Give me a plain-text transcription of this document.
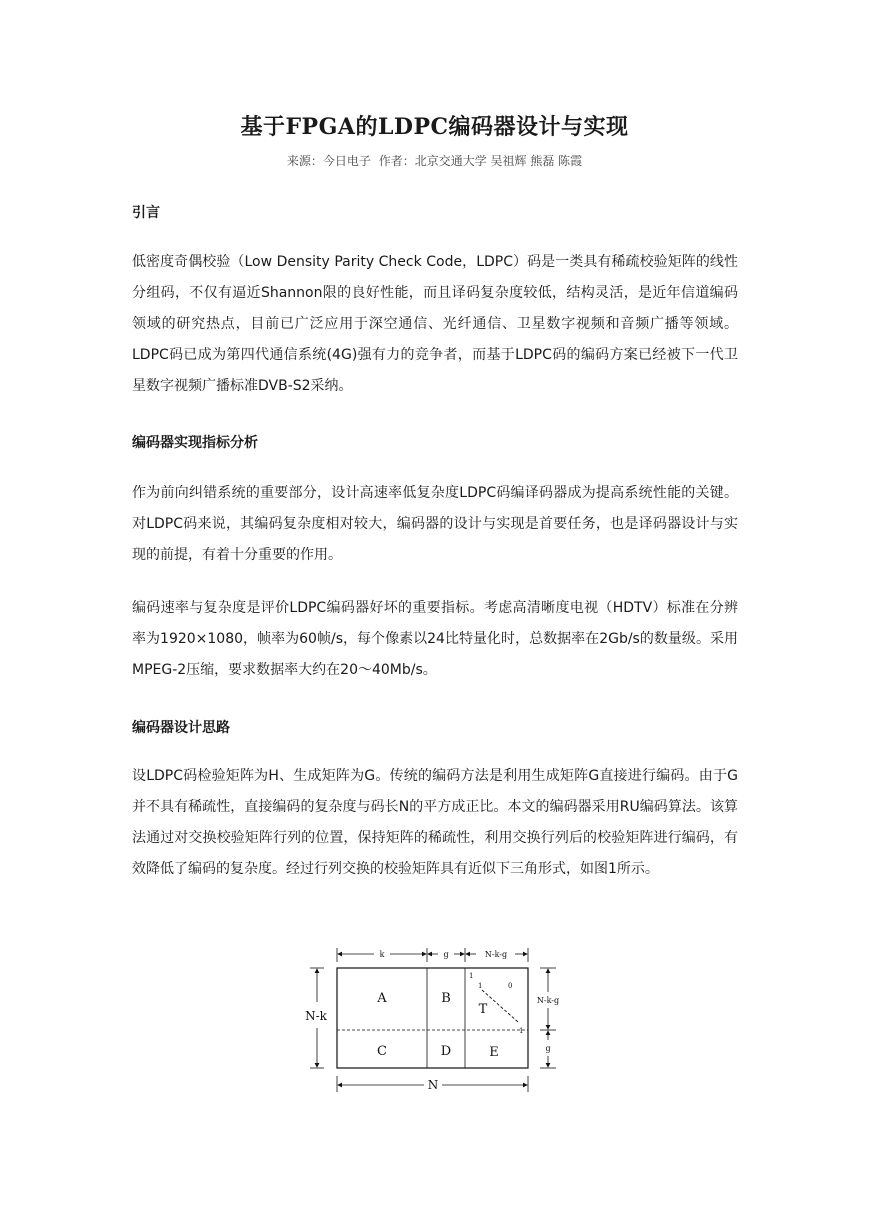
基于FPGA的LDPC编码器设计与实现
来源：今日电子 作者：北京交通大学 吴祖辉 熊磊 陈霞
引言
低密度奇偶校验（Low Density Parity Check Code，LDPC）码是一类具有稀疏校验矩阵的线性分组码，不仅有逼近Shannon限的良好性能，而且译码复杂度较低，结构灵活，是近年信道编码领域的研究热点，目前已广泛应用于深空通信、光纤通信、卫星数字视频和音频广播等领域。LDPC码已成为第四代通信系统(4G)强有力的竞争者，而基于LDPC码的编码方案已经被下一代卫星数字视频广播标准DVB-S2采纳。
编码器实现指标分析
作为前向纠错系统的重要部分，设计高速率低复杂度LDPC码编译码器成为提高系统性能的关键。对LDPC码来说，其编码复杂度相对较大，编码器的设计与实现是首要任务，也是译码器设计与实现的前提，有着十分重要的作用。
编码速率与复杂度是评价LDPC编码器好坏的重要指标。考虑高清晰度电视（HDTV）标准在分辨率为1920×1080，帧率为60帧/s，每个像素以24比特量化时，总数据率在2Gb/s的数量级。采用MPEG-2压缩，要求数据率大约在20～40Mb/s。
编码器设计思路
设LDPC码检验矩阵为H、生成矩阵为G。传统的编码方法是利用生成矩阵G直接进行编码。由于G并不具有稀疏性，直接编码的复杂度与码长N的平方成正比。本文的编码器采用RU编码算法。该算法通过对交换校验矩阵行列的位置，保持矩阵的稀疏性，利用交换行列后的校验矩阵进行编码，有效降低了编码的复杂度。经过行列交换的校验矩阵具有近似下三角形式，如图1所示。
k	g	N-k-g
N-k
N-k-g
g
A	B
T
C	D	E
1
1	0
1
N
